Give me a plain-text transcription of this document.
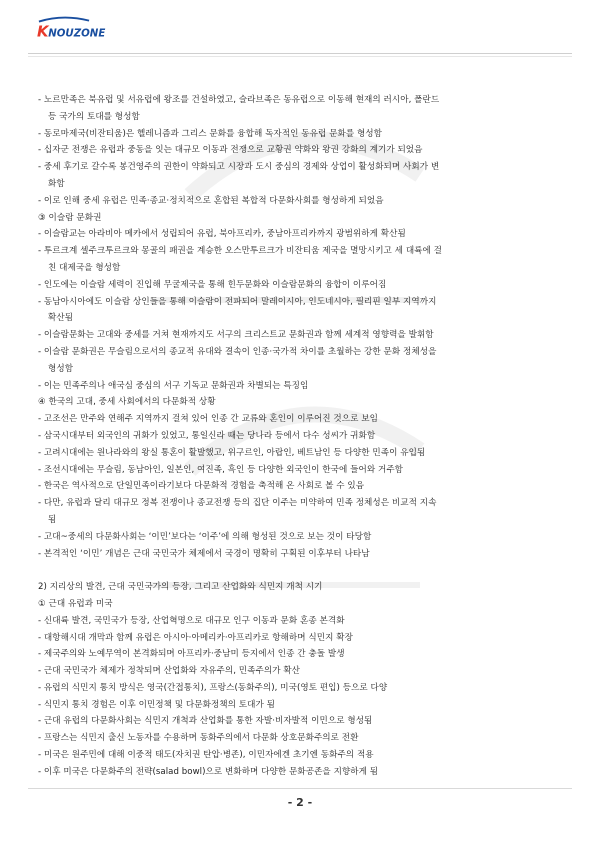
K NOUZONE
- 노르만족은 북유럽 및 서유럽에 왕조를 건설하였고, 슬라브족은 동유럽으로 이동해 현재의 러시아, 폴란드
등 국가의 토대를 형성함
- 동로마제국(비잔티움)은 헬레니즘과 그리스 문화를 융합해 독자적인 동유럽 문화를 형성함
- 십자군 전쟁은 유럽과 중동을 잇는 대규모 이동과 전쟁으로 교황권 약화와 왕권 강화의 계기가 되었음
- 중세 후기로 갈수록 봉건영주의 권한이 약화되고 시장과 도시 중심의 경제와 상업이 활성화되며 사회가 변
화함
- 이로 인해 중세 유럽은 민족·종교·정치적으로 혼합된 복합적 다문화사회를 형성하게 되었음
③ 이슬람 문화권
- 이슬람교는 아라비아 메카에서 성립되어 유럽, 북아프리카, 중남아프리카까지 광범위하게 확산됨
- 투르크계 셀주크투르크와 몽골의 패권을 계승한 오스만투르크가 비잔티움 제국을 멸망시키고 세 대륙에 걸
친 대제국을 형성함
- 인도에는 이슬람 세력이 진입해 무굴제국을 통해 힌두문화와 이슬람문화의 융합이 이루어짐
- 동남아시아에도 이슬람 상인들을 통해 이슬람이 전파되어 말레이시아, 인도네시아, 필리핀 일부 지역까지
확산됨
- 이슬람문화는 고대와 중세를 거쳐 현재까지도 서구의 크리스트교 문화권과 함께 세계적 영향력을 발휘함
- 이슬람 문화권은 무슬림으로서의 종교적 유대와 결속이 인종·국가적 차이를 초월하는 강한 문화 정체성을
형성함
- 이는 민족주의나 애국심 중심의 서구 기독교 문화권과 차별되는 특징임
④ 한국의 고대, 중세 사회에서의 다문화적 상황
- 고조선은 만주와 연해주 지역까지 걸쳐 있어 인종 간 교류와 혼인이 이루어진 것으로 보임
- 삼국시대부터 외국인의 귀화가 있었고, 통일신라 때는 당나라 등에서 다수 성씨가 귀화함
- 고려시대에는 원나라와의 왕실 통혼이 활발했고, 위구르인, 아랍인, 베트남인 등 다양한 민족이 유입됨
- 조선시대에는 무슬림, 동남아인, 일본인, 여진족, 흑인 등 다양한 외국인이 한국에 들어와 거주함
- 한국은 역사적으로 단일민족이라기보다 다문화적 경험을 축적해 온 사회로 볼 수 있음
- 다만, 유럽과 달리 대규모 정복 전쟁이나 종교전쟁 등의 집단 이주는 미약하여 민족 정체성은 비교적 지속
됨
- 고대~중세의 다문화사회는 ‘이민’보다는 ‘이주’에 의해 형성된 것으로 보는 것이 타당함
- 본격적인 ‘이민’ 개념은 근대 국민국가 체제에서 국경이 명확히 구획된 이후부터 나타남
2) 지리상의 발견, 근대 국민국가의 등장, 그리고 산업화와 식민지 개척 시기
① 근대 유럽과 미국
- 신대륙 발견, 국민국가 등장, 산업혁명으로 대규모 인구 이동과 문화 혼종 본격화
- 대항해시대 개막과 함께 유럽은 아시아·아메리카·아프리카로 항해하며 식민지 확장
- 제국주의와 노예무역이 본격화되며 아프리카·중남미 등지에서 인종 간 충돌 발생
- 근대 국민국가 체제가 정착되며 산업화와 자유주의, 민족주의가 확산
- 유럽의 식민지 통치 방식은 영국(간접통치), 프랑스(동화주의), 미국(영토 편입) 등으로 다양
- 식민지 통치 경험은 이후 이민정책 및 다문화정책의 토대가 됨
- 근대 유럽의 다문화사회는 식민지 개척과 산업화를 통한 자발·비자발적 이민으로 형성됨
- 프랑스는 식민지 출신 노동자를 수용하며 동화주의에서 다문화 상호문화주의로 전환
- 미국은 원주민에 대해 이중적 태도(자치권 탄압·병존), 이민자에겐 초기엔 동화주의 적용
- 이후 미국은 다문화주의 전략(salad bowl)으로 변화하며 다양한 문화공존을 지향하게 됨
- 2 -
